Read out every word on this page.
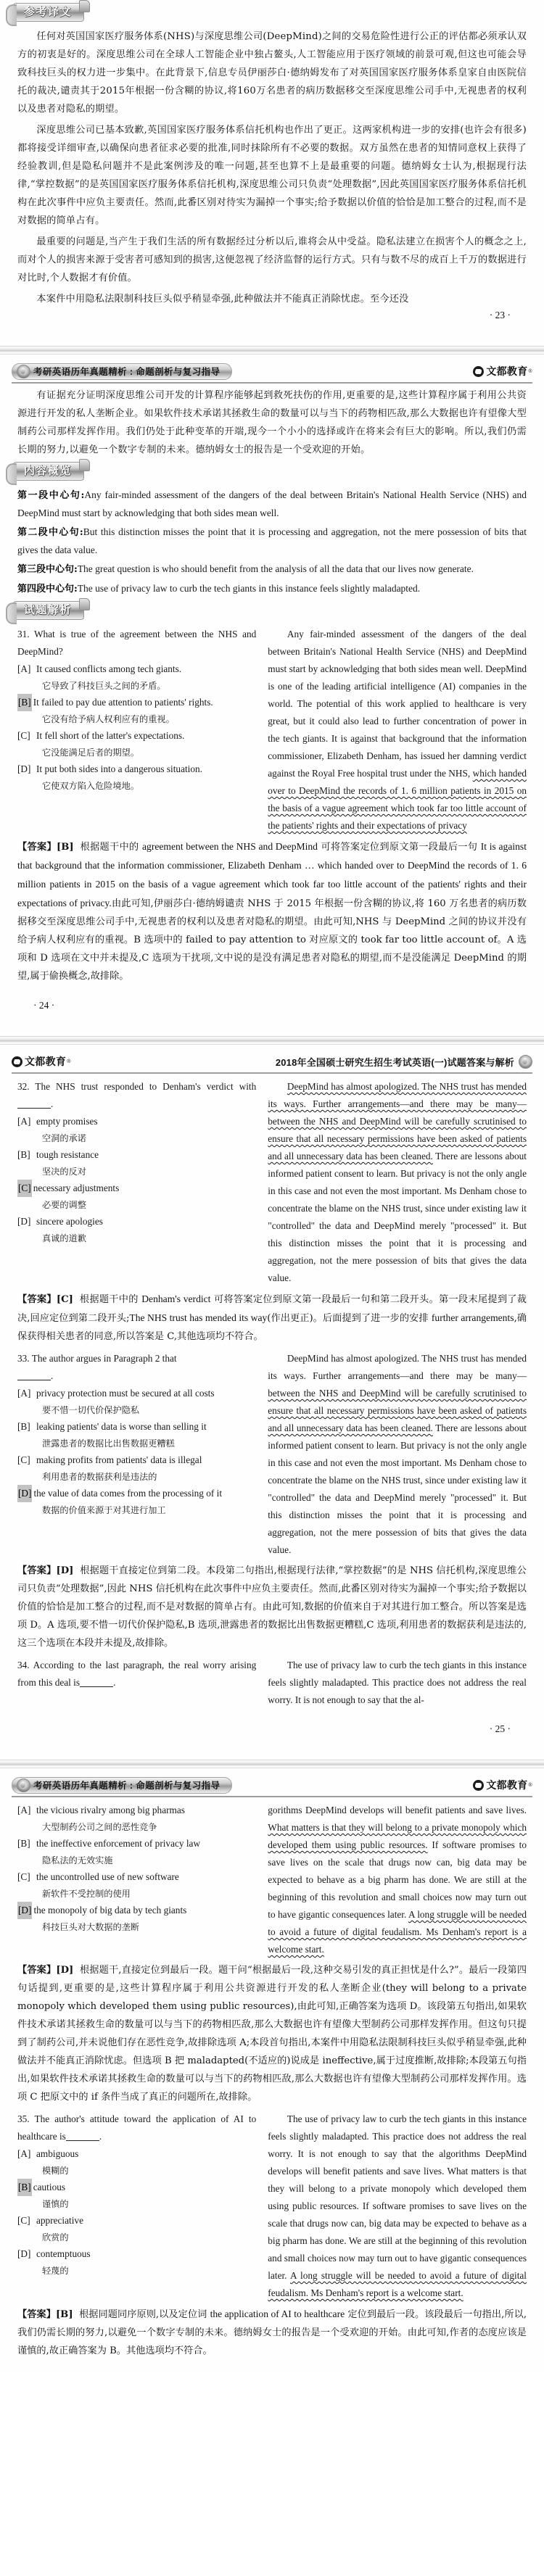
参考译文

任何对英国国家医疗服务体系(NHS)与深度思维公司(DeepMind)之间的交易危险性进行公正的评估都必须承认双方的初衷是好的。深度思维公司在全球人工智能企业中独占鳌头,人工智能应用于医疗领域的前景可观,但这也可能会导致科技巨头的权力进一步集中。在此背景下,信息专员伊丽莎白·德纳姆发布了对英国国家医疗服务体系皇家自由医院信托的裁决,谴责其于2015年根据一份含糊的协议,将160万名患者的病历数据移交至深度思维公司手中,无视患者的权利以及患者对隐私的期望。

深度思维公司已基本致歉,英国国家医疗服务体系信托机构也作出了更正。这两家机构进一步的安排(也许会有很多)都将接受详细审查,以确保向患者征求必要的批准,同时抹除所有不必要的数据。双方虽然在患者的知情同意权上获得了经验教训,但是隐私问题并不是此案例涉及的唯一问题,甚至也算不上是最重要的问题。德纳姆女士认为,根据现行法律,“掌控数据”的是英国国家医疗服务体系信托机构,深度思维公司只负责“处理数据”,因此英国国家医疗服务体系信托机构在此次事件中应负主要责任。然而,此番区别对待实为漏掉一个事实;给予数据以价值的恰恰是加工整合的过程,而不是对数据的简单占有。

最重要的问题是,当产生于我们生活的所有数据经过分析以后,谁将会从中受益。隐私法建立在损害个人的概念之上,而对个人的损害来源于受害者可感知到的损害,这便忽视了经济监督的运行方式。只有与数不尽的成百上千万的数据进行对比时,个人数据才有价值。

本案件中用隐私法限制科技巨头似乎稍显牵强,此种做法并不能真正消除忧虑。至今还没

· 23 ·
考研英语历年真题精析 : 命题剖析与复习指导	文都教育 ®

有证据充分证明深度思维公司开发的计算程序能够起到救死扶伤的作用,更重要的是,这些计算程序属于利用公共资源进行开发的私人垄断企业。如果软件技术承诺其拯救生命的数量可以与当下的药物相匹敌,那么大数据也许有望像大型制药公司那样发挥作用。我们仍处于此种变革的开端,现今一个小小的选择或许在将来会有巨大的影响。所以,我们仍需长期的努力,以避免一个数字专制的未来。德纳姆女士的报告是一个受欢迎的开始。

内容概览

第一段中心句:Any fair-minded assessment of the dangers of the deal between Britain's National Health Service (NHS) and DeepMind must start by acknowledging that both sides mean well.

第二段中心句:But this distinction misses the point that it is processing and aggregation, not the mere possession of bits that gives the data value.

第三段中心句:The great question is who should benefit from the analysis of all the data that our lives now generate.

第四段中心句:The use of privacy law to curb the tech giants in this instance feels slightly maladapted.

试题解析
31. What is true of the agreement between the NHS and DeepMind?
[A] It caused conflicts among tech giants.
它导致了科技巨头之间的矛盾。
[B] It failed to pay due attention to patients' rights.
它没有给予病人权利应有的重视。
[C] It fell short of the latter's expectations.
它没能满足后者的期望。
[D] It put both sides into a dangerous situation.
它使双方陷入危险境地。
Any fair-minded assessment of the dangers of the deal between Britain's National Health Service (NHS) and DeepMind must start by acknowledging that both sides mean well. DeepMind is one of the leading artificial intelligence (AI) companies in the world. The potential of this work applied to healthcare is very great, but it could also lead to further concentration of power in the tech giants. It is against that background that the information commissioner, Elizabeth Denham, has issued her damning verdict against the Royal Free hospital trust under the NHS, which handed over to DeepMind the records of 1. 6 million patients in 2015 on the basis of a vague agreement which took far too little account of the patients' rights and their expectations of privacy

【答案】[B] 根据题干中的 agreement between the NHS and DeepMind 可将答案定位到原文第一段最后一句 It is against that background that the information commissioner, Elizabeth Denham … which handed over to DeepMind the records of 1. 6 million patients in 2015 on the basis of a vague agreement which took far too little account of the patients' rights and their expectations of privacy.由此可知,伊丽莎白·德纳姆谴责 NHS 于 2015 年根据一份含糊的协议,将 160 万名患者的病历数据移交至深度思维公司手中,无视患者的权利以及患者对隐私的期望。由此可知,NHS 与 DeepMind 之间的协议并没有给予病人权利应有的重视。B 选项中的 failed to pay attention to 对应原文的 took far too little account of。A 选项和 D 选项在文中并未提及,C 选项为干扰项,文中说的是没有满足患者对隐私的期望,而不是没能满足 DeepMind 的期望,属于偷换概念,故排除。

· 24 ·
文都教育 ®	2018年全国硕士研究生招生考试英语(一)试题答案与解析
32. The NHS trust responded to Denham's verdict with.
[A] empty promises
空洞的承诺
[B] tough resistance
坚决的反对
[C] necessary adjustments
必要的调整
[D] sincere apologies
真诚的道歉
DeepMind has almost apologized. The NHS trust has mended its ways. Further arrangements—and there may be many—between the NHS and DeepMind will be carefully scrutinised to ensure that all necessary permissions have been asked of patients and all unnecessary data has been cleaned. There are lessons about informed patient consent to learn. But privacy is not the only angle in this case and not even the most important. Ms Denham chose to concentrate the blame on the NHS trust, since under existing law it "controlled" the data and DeepMind merely "processed" it. But this distinction misses the point that it is processing and aggregation, not the mere possession of bits that gives the data value.

【答案】[C] 根据题干中的 Denham's verdict 可将答案定位到原文第一段最后一句和第二段开头。第一段末尾提到了裁决,回应定位到第二段开头;The NHS trust has mended its way(作出更正)。后面提到了进一步的安排 further arrangements,确保获得相关患者的同意,所以答案是 C,其他选项均不符合。

33. The author argues in Paragraph 2 that
.
[A] privacy protection must be secured at all costs
要不惜一切代价保护隐私
[B] leaking patients' data is worse than selling it
泄露患者的数据比出售数据更糟糕
[C] making profits from patients' data is illegal
利用患者的数据获利是违法的
[D] the value of data comes from the processing of it
数据的价值来源于对其进行加工
DeepMind has almost apologized. The NHS trust has mended its ways. Further arrangements—and there may be many— between the NHS and DeepMind will be carefully scrutinised to ensure that all necessary permissions have been asked of patients and all unnecessary data has been cleaned. There are lessons about informed patient consent to learn. But privacy is not the only angle in this case and not even the most important. Ms Denham chose to concentrate the blame on the NHS trust, since under existing law it "controlled" the data and DeepMind merely "processed" it. But this distinction misses the point that it is processing and aggregation, not the mere possession of bits that gives the data value.

【答案】[D] 根据题干直接定位到第二段。本段第二句指出,根据现行法律,“掌控数据”的是 NHS 信托机构,深度思维公司只负责“处理数据”,因此 NHS 信托机构在此次事件中应负主要责任。然而,此番区别对待实为漏掉一个事实;给予数据以价值的恰恰是加工整合的过程,而不是对数据的简单占有。由此可知,数据的价值来自于对其进行加工整合。所以答案是选项 D。A 选项,要不惜一切代价保护隐私,B 选项,泄露患者的数据比出售数据更糟糕,C 选项,利用患者的数据获利是违法的,这三个选项在本段并未提及,故排除。

34. According to the last paragraph, the real worry arising from this deal is	.
The use of privacy law to curb the tech giants in this instance feels slightly maladapted. This practice does not address the real worry. It is not enough to say that the al-
· 25 ·
考研英语历年真题精析 : 命题剖析与复习指导	文都教育 ®
[A] the vicious rivalry among big pharmas
大型制药公司之间的恶性竞争
[B] the ineffective enforcement of privacy law
隐私法的无效实施
[C] the uncontrolled use of new software
新软件不受控制的使用
[D] the monopoly of big data by tech giants
科技巨头对大数据的垄断
gorithms DeepMind develops will benefit patients and save lives. What matters is that they will belong to a private monopoly which developed them using public resources. If software promises to save lives on the scale that drugs now can, big data may be expected to behave as a big pharm has done. We are still at the beginning of this revolution and small choices now may turn out to have gigantic consequences later. A long struggle will be needed to avoid a future of digital feudalism. Ms Denham's report is a welcome start.

【答案】[D] 根据题干,直接定位到最后一段。题干问“根据最后一段,这种交易引发的真正担忧是什么?”。最后一段第四句话提到,更重要的是,这些计算程序属于利用公共资源进行开发的私人垄断企业(they will belong to a private monopoly which developed them using public resources),由此可知,正确答案为选项 D。该段第五句指出,如果软件技术承诺其拯救生命的数量可以与当下的药物相匹敌,那么大数据也许有望像大型制药公司那样发挥作用。但这句只提到了制药公司,并未说他们存在恶性竞争,故排除选项 A;本段首句指出,本案件中用隐私法限制科技巨头似乎稍显牵强,此种做法并不能真正消除忧虑。但选项 B 把 maladapted(不适应的)说成是 ineffective,属于过度推断,故排除;本段第五句指出,如果软件技术承诺其拯救生命的数量可以与当下的药物相匹敌,那么大数据也许有望像大型制药公司那样发挥作用。选项 C 把原文中的 if 条件当成了真正的问题所在,故排除。

35. The author's attitude toward the application of AI to healthcare is	.
[A] ambiguous
模糊的
[B] cautious
谨慎的
[C] appreciative
欣赏的
[D] contemptuous
轻蔑的
The use of privacy law to curb the tech giants in this instance feels slightly maladapted. This practice does not address the real worry. It is not enough to say that the algorithms DeepMind develops will benefit patients and save lives. What matters is that they will belong to a private monopoly which developed them using public resources. If software promises to save lives on the scale that drugs now can, big data may be expected to behave as a big pharm has done. We are still at the beginning of this revolution and small choices now may turn out to have gigantic consequences later. A long struggle will be needed to avoid a future of digital feudalism. Ms Denham's report is a welcome start.

【答案】[B] 根据同题同序原则,以及定位词 the application of AI to healthcare 定位到最后一段。该段最后一句指出,所以,我们仍需长期的努力,以避免一个数字专制的未来。德纳姆女士的报告是一个受欢迎的开始。由此可知,作者的态度应该是谨慎的,故正确答案为 B。其他选项均不符合。
